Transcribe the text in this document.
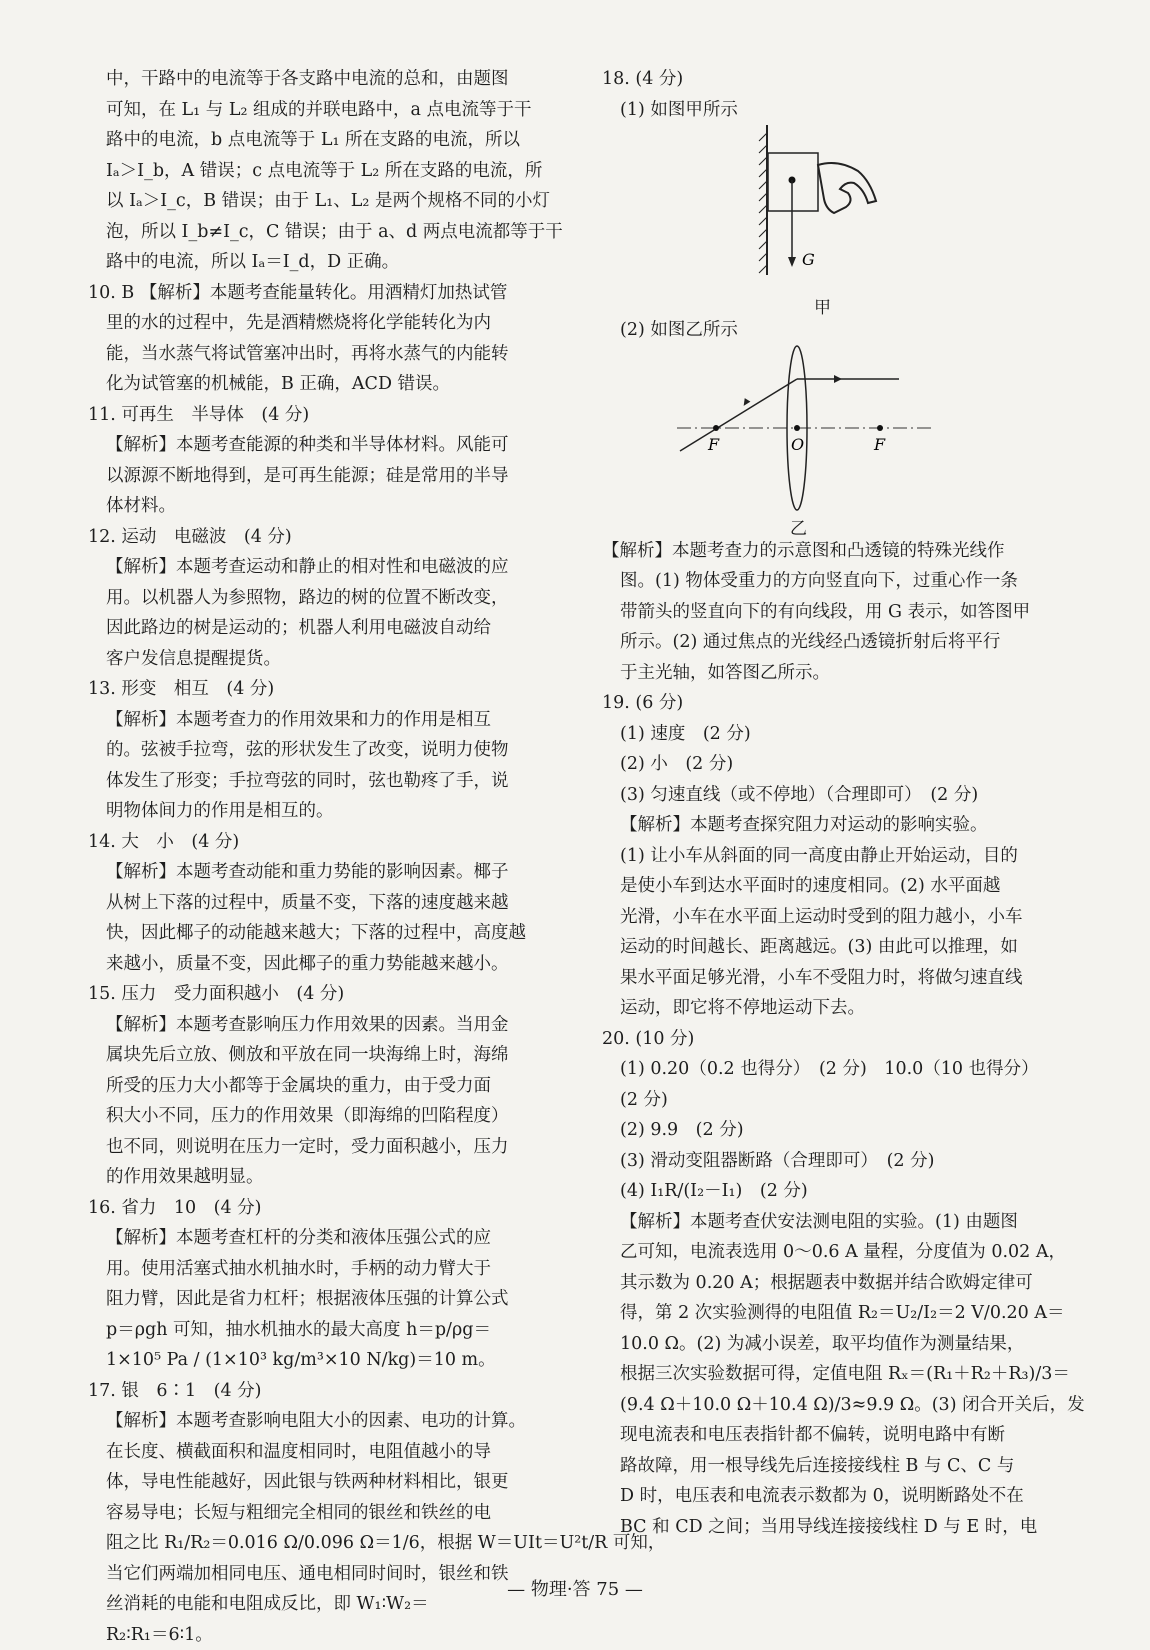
中，干路中的电流等于各支路中电流的总和，由题图
可知，在 L₁ 与 L₂ 组成的并联电路中，a 点电流等于干
路中的电流，b 点电流等于 L₁ 所在支路的电流，所以
Iₐ＞I_b，A 错误；c 点电流等于 L₂ 所在支路的电流，所
以 Iₐ＞I_c，B 错误；由于 L₁、L₂ 是两个规格不同的小灯
泡，所以 I_b≠I_c，C 错误；由于 a、d 两点电流都等于干
路中的电流，所以 Iₐ＝I_d，D 正确。
10. B 【解析】本题考查能量转化。用酒精灯加热试管
里的水的过程中，先是酒精燃烧将化学能转化为内
能，当水蒸气将试管塞冲出时，再将水蒸气的内能转
化为试管塞的机械能，B 正确，ACD 错误。
11. 可再生　半导体　(4 分)
【解析】本题考查能源的种类和半导体材料。风能可
以源源不断地得到，是可再生能源；硅是常用的半导
体材料。
12. 运动　电磁波　(4 分)
【解析】本题考查运动和静止的相对性和电磁波的应
用。以机器人为参照物，路边的树的位置不断改变，
因此路边的树是运动的；机器人利用电磁波自动给
客户发信息提醒提货。
13. 形变　相互　(4 分)
【解析】本题考查力的作用效果和力的作用是相互
的。弦被手拉弯，弦的形状发生了改变，说明力使物
体发生了形变；手拉弯弦的同时，弦也勒疼了手，说
明物体间力的作用是相互的。
14. 大　小　(4 分)
【解析】本题考查动能和重力势能的影响因素。椰子
从树上下落的过程中，质量不变，下落的速度越来越
快，因此椰子的动能越来越大；下落的过程中，高度越
来越小，质量不变，因此椰子的重力势能越来越小。
15. 压力　受力面积越小　(4 分)
【解析】本题考查影响压力作用效果的因素。当用金
属块先后立放、侧放和平放在同一块海绵上时，海绵
所受的压力大小都等于金属块的重力，由于受力面
积大小不同，压力的作用效果（即海绵的凹陷程度）
也不同，则说明在压力一定时，受力面积越小，压力
的作用效果越明显。
16. 省力　10　(4 分)
【解析】本题考查杠杆的分类和液体压强公式的应
用。使用活塞式抽水机抽水时，手柄的动力臂大于
阻力臂，因此是省力杠杆；根据液体压强的计算公式
p＝ρgh 可知，抽水机抽水的最大高度 h＝p/ρg＝
1×10⁵ Pa / (1×10³ kg/m³×10 N/kg)＝10 m。
17. 银　6∶1　(4 分)
【解析】本题考查影响电阻大小的因素、电功的计算。
在长度、横截面积和温度相同时，电阻值越小的导
体，导电性能越好，因此银与铁两种材料相比，银更
容易导电；长短与粗细完全相同的银丝和铁丝的电
阻之比 R₁/R₂＝0.016 Ω/0.096 Ω＝1/6，根据 W＝UIt＝U²t/R 可知，
当它们两端加相同电压、通电相同时间时，银丝和铁
丝消耗的电能和电阻成反比，即 W₁∶W₂＝
R₂∶R₁＝6∶1。
18. (4 分)
(1) 如图甲所示
G
甲
(2) 如图乙所示
F	O	F
乙
【解析】本题考查力的示意图和凸透镜的特殊光线作
图。(1) 物体受重力的方向竖直向下，过重心作一条
带箭头的竖直向下的有向线段，用 G 表示，如答图甲
所示。(2) 通过焦点的光线经凸透镜折射后将平行
于主光轴，如答图乙所示。
19. (6 分)
(1) 速度　(2 分)
(2) 小　(2 分)
(3) 匀速直线（或不停地）（合理即可）　(2 分)
【解析】本题考查探究阻力对运动的影响实验。
(1) 让小车从斜面的同一高度由静止开始运动，目的
是使小车到达水平面时的速度相同。(2) 水平面越
光滑，小车在水平面上运动时受到的阻力越小，小车
运动的时间越长、距离越远。(3) 由此可以推理，如
果水平面足够光滑，小车不受阻力时，将做匀速直线
运动，即它将不停地运动下去。
20. (10 分)
(1) 0.20（0.2 也得分）　(2 分)　10.0（10 也得分）
(2 分)
(2) 9.9　(2 分)
(3) 滑动变阻器断路（合理即可）　(2 分)
(4) I₁R/(I₂－I₁)　(2 分)
【解析】本题考查伏安法测电阻的实验。(1) 由题图
乙可知，电流表选用 0～0.6 A 量程，分度值为 0.02 A，
其示数为 0.20 A；根据题表中数据并结合欧姆定律可
得，第 2 次实验测得的电阻值 R₂＝U₂/I₂＝2 V/0.20 A＝
10.0 Ω。(2) 为减小误差，取平均值作为测量结果，
根据三次实验数据可得，定值电阻 Rₓ＝(R₁＋R₂＋R₃)/3＝
(9.4 Ω＋10.0 Ω＋10.4 Ω)/3≈9.9 Ω。(3) 闭合开关后，发
现电流表和电压表指针都不偏转，说明电路中有断
路故障，用一根导线先后连接接线柱 B 与 C、C 与
D 时，电压表和电流表示数都为 0，说明断路处不在
BC 和 CD 之间；当用导线连接接线柱 D 与 E 时，电
— 物理·答 75 —
